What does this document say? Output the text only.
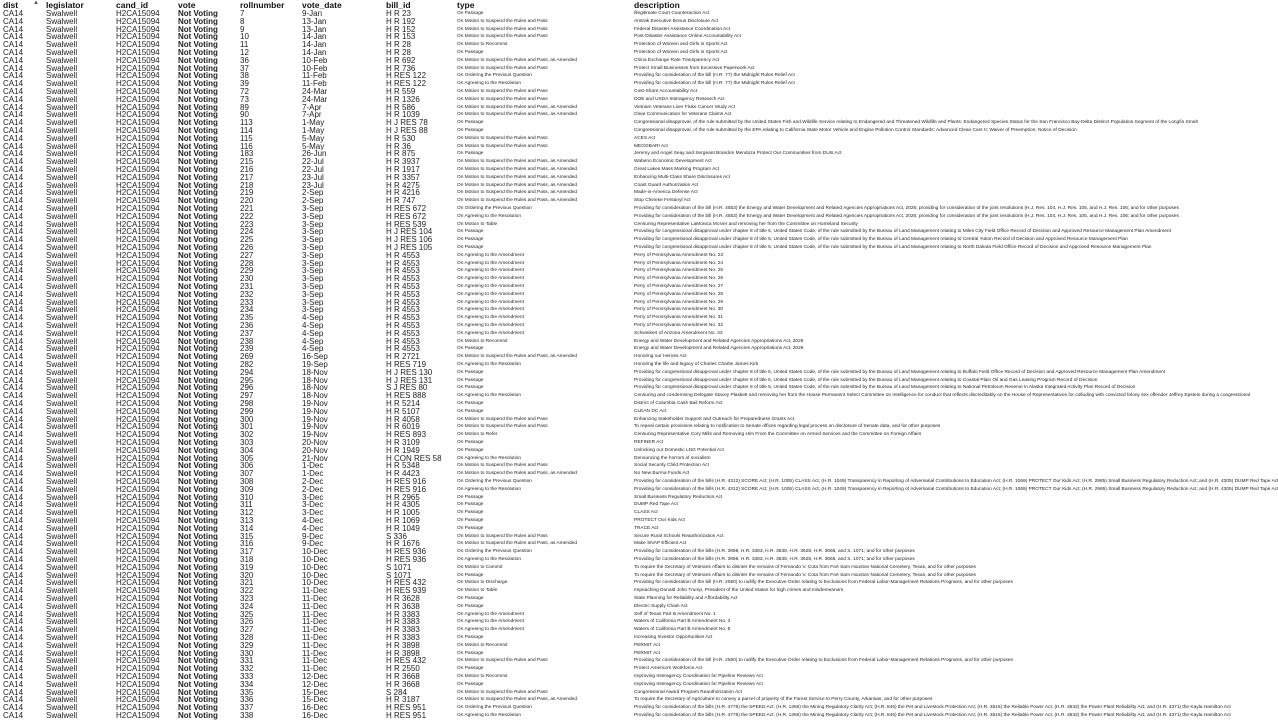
dist ▲ legislator	cand_id	vote	rollnumber vote_date	bill_id	type	description
CA14	Swalwell	H2CA15094	Not Voting	7	9-Jan	H R 23	On Passage	Illegitimate Court Counteraction Act
CA14	Swalwell	H2CA15094	Not Voting	8	13-Jan	H R 192	On Motion to Suspend the Rules and Pass	Amtrak Executive Bonus Disclosure Act
CA14	Swalwell	H2CA15094	Not Voting	9	13-Jan	H R 152	On Motion to Suspend the Rules and Pass	Federal Disaster Assistance Coordination Act
CA14	Swalwell	H2CA15094	Not Voting	10	14-Jan	H R 153	On Motion to Suspend the Rules and Pass	Post-Disaster Assistance Online Accountability Act
CA14	Swalwell	H2CA15094	Not Voting	11	14-Jan	H R 28	On Motion to Recommit	Protection of Women and Girls in Sports Act
CA14	Swalwell	H2CA15094	Not Voting	12	14-Jan	H R 28	On Passage	Protection of Women and Girls in Sports Act
CA14	Swalwell	H2CA15094	Not Voting	36	10-Feb	H R 692	On Motion to Suspend the Rules and Pass, as Amended	China Exchange Rate Transparency Act
CA14	Swalwell	H2CA15094	Not Voting	37	10-Feb	H R 736	On Motion to Suspend the Rules and Pass	Protect Small Businesses from Excessive Paperwork Act
CA14	Swalwell	H2CA15094	Not Voting	38	11-Feb	H RES 122	On Ordering the Previous Question	Providing for consideration of the bill (H.R. 77) the Midnight Rules Relief Act
CA14	Swalwell	H2CA15094	Not Voting	39	11-Feb	H RES 122	On Agreeing to the Resolution	Providing for consideration of the bill (H.R. 77) the Midnight Rules Relief Act
CA14	Swalwell	H2CA15094	Not Voting	72	24-Mar	H R 559	On Motion to Suspend the Rules and Pass	Cost-Share Accountability Act
CA14	Swalwell	H2CA15094	Not Voting	73	24-Mar	H R 1326	On Motion to Suspend the Rules and Pass	DOE and USDA Interagency Research Act
CA14	Swalwell	H2CA15094	Not Voting	89	7-Apr	H R 586	On Motion to Suspend the Rules and Pass, as Amended	Vietnam Veterans Liver Fluke Cancer Study Act
CA14	Swalwell	H2CA15094	Not Voting	90	7-Apr	H R 1039	On Motion to Suspend the Rules and Pass, as Amended	Clear Communication for Veterans Claims Act
CA14	Swalwell	H2CA15094	Not Voting	113	1-May	H J RES 78	On Passage	Congressional disapproval, of the rule submitted by the United States Fish and Wildlife Service relating to Endangered and Threatened Wildlife and Plants; Endangered Species Status for the San Francisco Bay-Delta Distinct Population Segment of the Longfin Smelt
CA14	Swalwell	H2CA15094	Not Voting	114	1-May	H J RES 88	On Passage	Congressional disapproval, of the rule submitted by the EPA relating to California State Motor Vehicle and Engine Pollution Control Standards; Advanced Clean Cars II; Waiver of Preemption; Notice of Decision
CA14	Swalwell	H2CA15094	Not Voting	115	5-May	H R 530	On Motion to Suspend the Rules and Pass	ACES Act
CA14	Swalwell	H2CA15094	Not Voting	116	5-May	H R 36	On Motion to Suspend the Rules and Pass	MEGOBARI Act
CA14	Swalwell	H2CA15094	Not Voting	183	26-Jun	H R 875	On Passage	Jeremy and Angel Seay and Sergeant Brandon Mendoza Protect Our Communities from DUIs Act
CA14	Swalwell	H2CA15094	Not Voting	215	22-Jul	H R 3937	On Motion to Suspend the Rules and Pass, as Amended	Wabeno Economic Development Act
CA14	Swalwell	H2CA15094	Not Voting	216	22-Jul	H R 1917	On Motion to Suspend the Rules and Pass, as Amended	Great Lakes Mass Marking Program Act
CA14	Swalwell	H2CA15094	Not Voting	217	23-Jul	H R 3357	On Motion to Suspend the Rules and Pass, as Amended	Enhancing Multi-Class Share Disclosures Act
CA14	Swalwell	H2CA15094	Not Voting	218	23-Jul	H R 4275	On Motion to Suspend the Rules and Pass, as Amended	Coast Guard Authorization Act
CA14	Swalwell	H2CA15094	Not Voting	219	2-Sep	H R 4216	On Motion to Suspend the Rules and Pass, as Amended	Made-in-America Defense Act
CA14	Swalwell	H2CA15094	Not Voting	220	2-Sep	H R 747	On Motion to Suspend the Rules and Pass, as Amended	Stop Chinese Fentanyl Act
CA14	Swalwell	H2CA15094	Not Voting	221	3-Sep	H RES 672	On Ordering the Previous Question	Providing for consideration of the bill (H.R. 4553) the Energy and Water Development and Related Agencies Appropriations Act, 2026; providing for consideration of the joint resolutions (H.J. Res. 104, H.J. Res. 105, and H.J. Res. 106; and for other purposes
CA14	Swalwell	H2CA15094	Not Voting	222	3-Sep	H RES 672	On Agreeing to the Resolution	Providing for consideration of the bill (H.R. 4553) the Energy and Water Development and Related Agencies Appropriations Act, 2026; providing for consideration of the joint resolutions (H.J. Res. 104, H.J. Res. 105, and H.J. Res. 106; and for other purposes
CA14	Swalwell	H2CA15094	Not Voting	223	3-Sep	H RES 539	On Motion to Table	Censuring Representative LaMonica McIver and removing her from the Committee on Homeland Security
CA14	Swalwell	H2CA15094	Not Voting	224	3-Sep	H J RES 104	On Passage	Providing for congressional disapproval under chapter 8 of title 5, United States Code, of the rule submitted by the Bureau of Land Management relating to Miles City Field Office Record of Decision and Approved Resource Management Plan Amendment
CA14	Swalwell	H2CA15094	Not Voting	225	3-Sep	H J RES 106	On Passage	Providing for congressional disapproval under chapter 8 of title 5, United States Code, of the rule submitted by the Bureau of Land Management relating to Central Yukon Record of Decision and Approved Resource Management Plan
CA14	Swalwell	H2CA15094	Not Voting	226	3-Sep	H J RES 105	On Passage	Providing for congressional disapproval under chapter 8 of title 5, United States Code, of the rule submitted by the Bureau of Land Management relating to North Dakota Field Office Record of Decision and Approved Resource Management Plan
CA14	Swalwell	H2CA15094	Not Voting	227	3-Sep	H R 4553	On Agreeing to the Amendment	Perry of Pennsylvania Amendment No. 23
CA14	Swalwell	H2CA15094	Not Voting	228	3-Sep	H R 4553	On Agreeing to the Amendment	Perry of Pennsylvania Amendment No. 24
CA14	Swalwell	H2CA15094	Not Voting	229	3-Sep	H R 4553	On Agreeing to the Amendment	Perry of Pennsylvania Amendment No. 25
CA14	Swalwell	H2CA15094	Not Voting	230	3-Sep	H R 4553	On Agreeing to the Amendment	Perry of Pennsylvania Amendment No. 26
CA14	Swalwell	H2CA15094	Not Voting	231	3-Sep	H R 4553	On Agreeing to the Amendment	Perry of Pennsylvania Amendment No. 27
CA14	Swalwell	H2CA15094	Not Voting	232	3-Sep	H R 4553	On Agreeing to the Amendment	Perry of Pennsylvania Amendment No. 28
CA14	Swalwell	H2CA15094	Not Voting	233	3-Sep	H R 4553	On Agreeing to the Amendment	Perry of Pennsylvania Amendment No. 29
CA14	Swalwell	H2CA15094	Not Voting	234	3-Sep	H R 4553	On Agreeing to the Amendment	Perry of Pennsylvania Amendment No. 30
CA14	Swalwell	H2CA15094	Not Voting	235	4-Sep	H R 4553	On Agreeing to the Amendment	Perry of Pennsylvania Amendment No. 31
CA14	Swalwell	H2CA15094	Not Voting	236	4-Sep	H R 4553	On Agreeing to the Amendment	Perry of Pennsylvania Amendment No. 32
CA14	Swalwell	H2CA15094	Not Voting	237	4-Sep	H R 4553	On Agreeing to the Amendment	Schweikert of Arizona Amendment No. 33
CA14	Swalwell	H2CA15094	Not Voting	238	4-Sep	H R 4553	On Motion to Recommit	Energy and Water Development and Related Agencies Appropriations Act, 2026
CA14	Swalwell	H2CA15094	Not Voting	239	4-Sep	H R 4553	On Passage	Energy and Water Development and Related Agencies Appropriations Act, 2026
CA14	Swalwell	H2CA15094	Not Voting	269	16-Sep	H R 2721	On Motion to Suspend the Rules and Pass, as Amended	Honoring our Heroes Act
CA14	Swalwell	H2CA15094	Not Voting	282	19-Sep	H RES 719	On Agreeing to the Resolution	Honoring the life and legacy of Charles Charlie James Kirk
CA14	Swalwell	H2CA15094	Not Voting	294	18-Nov	H J RES 130	On Passage	Providing for congressional disapproval under chapter 8 of title 5, United States Code, of the rule submitted by the Bureau of Land Management relating to Buffalo Field Office Record of Decision and Approved Resource Management Plan Amendment
CA14	Swalwell	H2CA15094	Not Voting	295	18-Nov	H J RES 131	On Passage	Providing for congressional disapproval under chapter 8 of title 5, United States Code, of the rule submitted by the Bureau of Land Management relating to Coastal Plain Oil and Gas Leasing Program Record of Decision
CA14	Swalwell	H2CA15094	Not Voting	296	18-Nov	S J RES 80	On Passage	Providing for congressional disapproval under chapter 8 of title 5, United States Code, of the rule submitted by the Bureau of Land Management relating to National Petroleum Reserve in Alaska Integrated Activity Plan Record of Decision
CA14	Swalwell	H2CA15094	Not Voting	297	18-Nov	H RES 888	On Agreeing to the Resolution	Censuring and condemning Delegate Stacey Plaskett and removing her from the House Permanent Select Committee on Intelligence for conduct that reflects discreditably on the House of Representatives for colluding with convicted felony sex offender Jeffrey Epstein during a congressional
CA14	Swalwell	H2CA15094	Not Voting	298	19-Nov	H R 5214	On Passage	District of Columbia Cash Bail Reform Act
CA14	Swalwell	H2CA15094	Not Voting	299	19-Nov	H R 5107	On Passage	CLEAN DC Act
CA14	Swalwell	H2CA15094	Not Voting	300	19-Nov	H R 4058	On Motion to Suspend the Rules and Pass	Enhancing Stakeholder Support and Outreach for Preparedness Grants Act
CA14	Swalwell	H2CA15094	Not Voting	301	19-Nov	H R 6019	On Motion to Suspend the Rules and Pass	To repeal certain provisions relating to notification to Senate offices regarding legal process on disclosure of Senate data, and for other purposes
CA14	Swalwell	H2CA15094	Not Voting	302	19-Nov	H RES 893	On Motion to Refer	Censuring Representative Cory Mills and Removing Him From the Committee on Armed Services and the Committee on Foreign Affairs
CA14	Swalwell	H2CA15094	Not Voting	303	20-Nov	H R 3109	On Passage	REFINER Act
CA14	Swalwell	H2CA15094	Not Voting	304	20-Nov	H R 1949	On Passage	Unlocking our Domestic LNG Potential Act
CA14	Swalwell	H2CA15094	Not Voting	305	21-Nov	H CON RES 58	On Agreeing to the Resolution	Denouncing the horrors of socialism
CA14	Swalwell	H2CA15094	Not Voting	306	1-Dec	H R 5348	On Motion to Suspend the Rules and Pass	Social Security Child Protection Act
CA14	Swalwell	H2CA15094	Not Voting	307	1-Dec	H R 4423	On Motion to Suspend the Rules and Pass, as Amended	No New Burma Funds Act
CA14	Swalwell	H2CA15094	Not Voting	308	2-Dec	H RES 916	On Ordering the Previous Question	Providing for consideration of the bills (H.R. 4312) SCORE Act; (H.R. 1005) CLASS Act; (H.R. 1049) Transparency in Reporting of Adversarial Contributions to Education Act; (H.R. 1069) PROTECT Our Kids Act; (H.R. 2965) Small Business Regulatory Reduction Act; and (H.R. 4305) DUMP Red Tape Act
CA14	Swalwell	H2CA15094	Not Voting	309	2-Dec	H RES 916	On Agreeing to the Resolution	Providing for consideration of the bills (H.R. 4312) SCORE Act; (H.R. 1005) CLASS Act; (H.R. 1049) Transparency in Reporting of Adversarial Contributions to Education Act; (H.R. 1069) PROTECT Our Kids Act; (H.R. 2965) Small Business Regulatory Reduction Act; and (H.R. 4305) DUMP Red Tape Act
CA14	Swalwell	H2CA15094	Not Voting	310	3-Dec	H R 2965	On Passage	Small Business Regulatory Reduction Act
CA14	Swalwell	H2CA15094	Not Voting	311	3-Dec	H R 4305	On Passage	DUMP Red Tape Act
CA14	Swalwell	H2CA15094	Not Voting	312	3-Dec	H R 1005	On Passage	CLASS Act
CA14	Swalwell	H2CA15094	Not Voting	313	4-Dec	H R 1069	On Passage	PROTECT Our Kids Act
CA14	Swalwell	H2CA15094	Not Voting	314	4-Dec	H R 1049	On Passage	TRACE Act
CA14	Swalwell	H2CA15094	Not Voting	315	9-Dec	S 336	On Motion to Suspend the Rules and Pass	Secure Rural Schools Reauthorization Act
CA14	Swalwell	H2CA15094	Not Voting	316	9-Dec	H R 1676	On Motion to Suspend the Rules and Pass, as Amended	Make SNAP Efficient Act
CA14	Swalwell	H2CA15094	Not Voting	317	10-Dec	H RES 936	On Ordering the Previous Question	Providing for consideration of the bills (H.R. 3898, H.R. 3383, H.R. 3638, H.R. 3628, H.R. 3668, and S. 1071; and for other purposes
CA14	Swalwell	H2CA15094	Not Voting	318	10-Dec	H RES 936	On Agreeing to the Resolution	Providing for consideration of the bills (H.R. 3898, H.R. 3383, H.R. 3638, H.R. 3628, H.R. 3668, and S. 1071; and for other purposes
CA14	Swalwell	H2CA15094	Not Voting	319	10-Dec	S 1071	On Motion to Commit	To require the Secretary of Veterans Affairs to disinter the remains of Fernando V. Cota from Fort Sam Houston National Cemetery, Texas, and for other purposes
CA14	Swalwell	H2CA15094	Not Voting	320	10-Dec	S 1071	On Passage	To require the Secretary of Veterans Affairs to disinter the remains of Fernando V. Cota from Fort Sam Houston National Cemetery, Texas, and for other purposes
CA14	Swalwell	H2CA15094	Not Voting	321	10-Dec	H RES 432	On Motion to Discharge	Providing for consideration of the bill (H.R. 2550) to nullify the Executive Order relating to Exclusions from Federal Labor-Management Relations Programs, and for other purposes
CA14	Swalwell	H2CA15094	Not Voting	322	11-Dec	H RES 939	On Motion to Table	Impeaching Donald John Trump, President of the United States for high crimes and misdemeanors
CA14	Swalwell	H2CA15094	Not Voting	323	11-Dec	H R 3628	On Passage	State Planning for Reliability and Affordability Act
CA14	Swalwell	H2CA15094	Not Voting	324	11-Dec	H R 3638	On Passage	Electric Supply Chain Act
CA14	Swalwell	H2CA15094	Not Voting	325	11-Dec	H R 3383	On Agreeing to the Amendment	Self of Texas Part B Amendment No. 1
CA14	Swalwell	H2CA15094	Not Voting	326	11-Dec	H R 3383	On Agreeing to the Amendment	Waters of California Part B Amendment No. 3
CA14	Swalwell	H2CA15094	Not Voting	327	11-Dec	H R 3383	On Agreeing to the Amendment	Waters of California Part B Amendment No. 5
CA14	Swalwell	H2CA15094	Not Voting	328	11-Dec	H R 3383	On Passage	Increasing Investor Opportunities Act
CA14	Swalwell	H2CA15094	Not Voting	329	11-Dec	H R 3898	On Motion to Recommit	PERMIT Act
CA14	Swalwell	H2CA15094	Not Voting	330	11-Dec	H R 3898	On Passage	PERMIT Act
CA14	Swalwell	H2CA15094	Not Voting	331	11-Dec	H RES 432	On Motion to Suspend the Rules and Pass	Providing for consideration of the bill (H.R. 2550) to nullify the Executive Order relating to Exclusions from Federal Labor-Management Relations Programs, and for other purposes
CA14	Swalwell	H2CA15094	Not Voting	332	11-Dec	H R 2550	On Passage	Protect America's Workforce Act
CA14	Swalwell	H2CA15094	Not Voting	333	12-Dec	H R 3668	On Motion to Recommit	Improving Interagency Coordination for Pipeline Reviews Act
CA14	Swalwell	H2CA15094	Not Voting	334	12-Dec	H R 3668	On Passage	Improving Interagency Coordination for Pipeline Reviews Act
CA14	Swalwell	H2CA15094	Not Voting	335	15-Dec	S 284	On Motion to Suspend the Rules and Pass	Congressional Award Program Reauthorization Act
CA14	Swalwell	H2CA15094	Not Voting	336	15-Dec	H R 3187	On Motion to Suspend the Rules and Pass, as Amended	To require the Secretary of Agriculture to convey a parcel of property of the Forest Service to Perry County, Arkansas, and for other purposes
CA14	Swalwell	H2CA15094	Not Voting	337	16-Dec	H RES 951	On Ordering the Previous Question	Providing for consideration of the bills (H.R. 4776) the SPEED Act; (H.R. 1366) the Mining Regulatory Clarity Act; (H.R. 845) the Pet and Livestock Protection Act; (H.R. 3616) the Reliable Power Act; (H.R. 3632) the Power Plant Reliability Act; and (H.R. 4371) the Kayla Hamilton Act
CA14	Swalwell	H2CA15094	Not Voting	338	16-Dec	H RES 951	On Agreeing to the Resolution	Providing for consideration of the bills (H.R. 4776) the SPEED Act; (H.R. 1366) the Mining Regulatory Clarity Act; (H.R. 845) the Pet and Livestock Protection Act; (H.R. 3616) the Reliable Power Act; (H.R. 3632) the Power Plant Reliability Act; and (H.R. 4371) the Kayla Hamilton Act
